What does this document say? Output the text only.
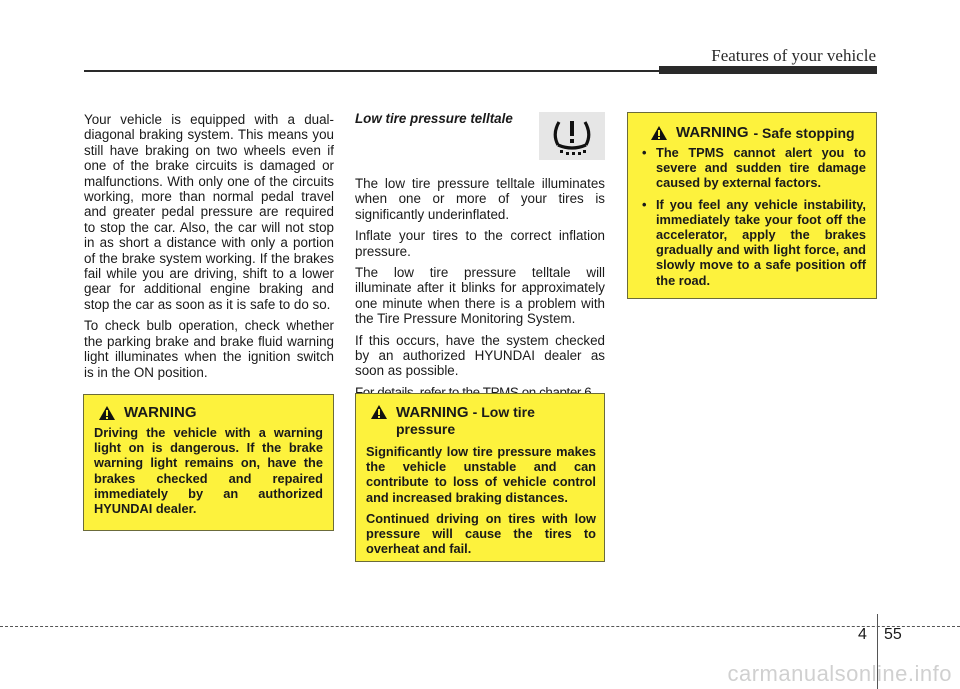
Features of your vehicle

Your vehicle is equipped with a dual-diagonal braking system. This means you still have braking on two wheels even if one of the brake circuits is damaged or malfunctions. With only one of the circuits working, more than normal pedal travel and greater pedal pressure are required to stop the car. Also, the car will not stop in as short a distance with only a portion of the brake system working. If the brakes fail while you are driving, shift to a lower gear for additional engine braking and stop the car as soon as it is safe to do so.

To check bulb operation, check whether the parking brake and brake fluid warning light illuminates when the ignition switch is in the ON position.

Low tire pressure telltale

The low tire pressure telltale illuminates when one or more of your tires is significantly underinflated.

Inflate your tires to the correct inflation pressure.

The low tire pressure telltale will illuminate after it blinks for approximately one minute when there is a problem with the Tire Pressure Monitoring System.

If this occurs, have the system checked by an authorized HYUNDAI dealer as soon as possible.

WARNING

Driving the vehicle with a warning light on is dangerous. If the brake warning light remains on, have the brakes checked and repaired immediately by an authorized HYUNDAI dealer.

WARNING - Low tire pressure

Significantly low tire pressure makes the vehicle unstable and can contribute to loss of vehicle control and increased braking distances.

Continued driving on tires with low pressure will cause the tires to overheat and fail.

WARNING - Safe stopping
• The TPMS cannot alert you to severe and sudden tire damage caused by external factors.
• If you feel any vehicle instability, immediately take your foot off the accelerator, apply the brakes gradually and with light force, and slowly move to a safe position off the road.
4 55
carmanualsonline.info
